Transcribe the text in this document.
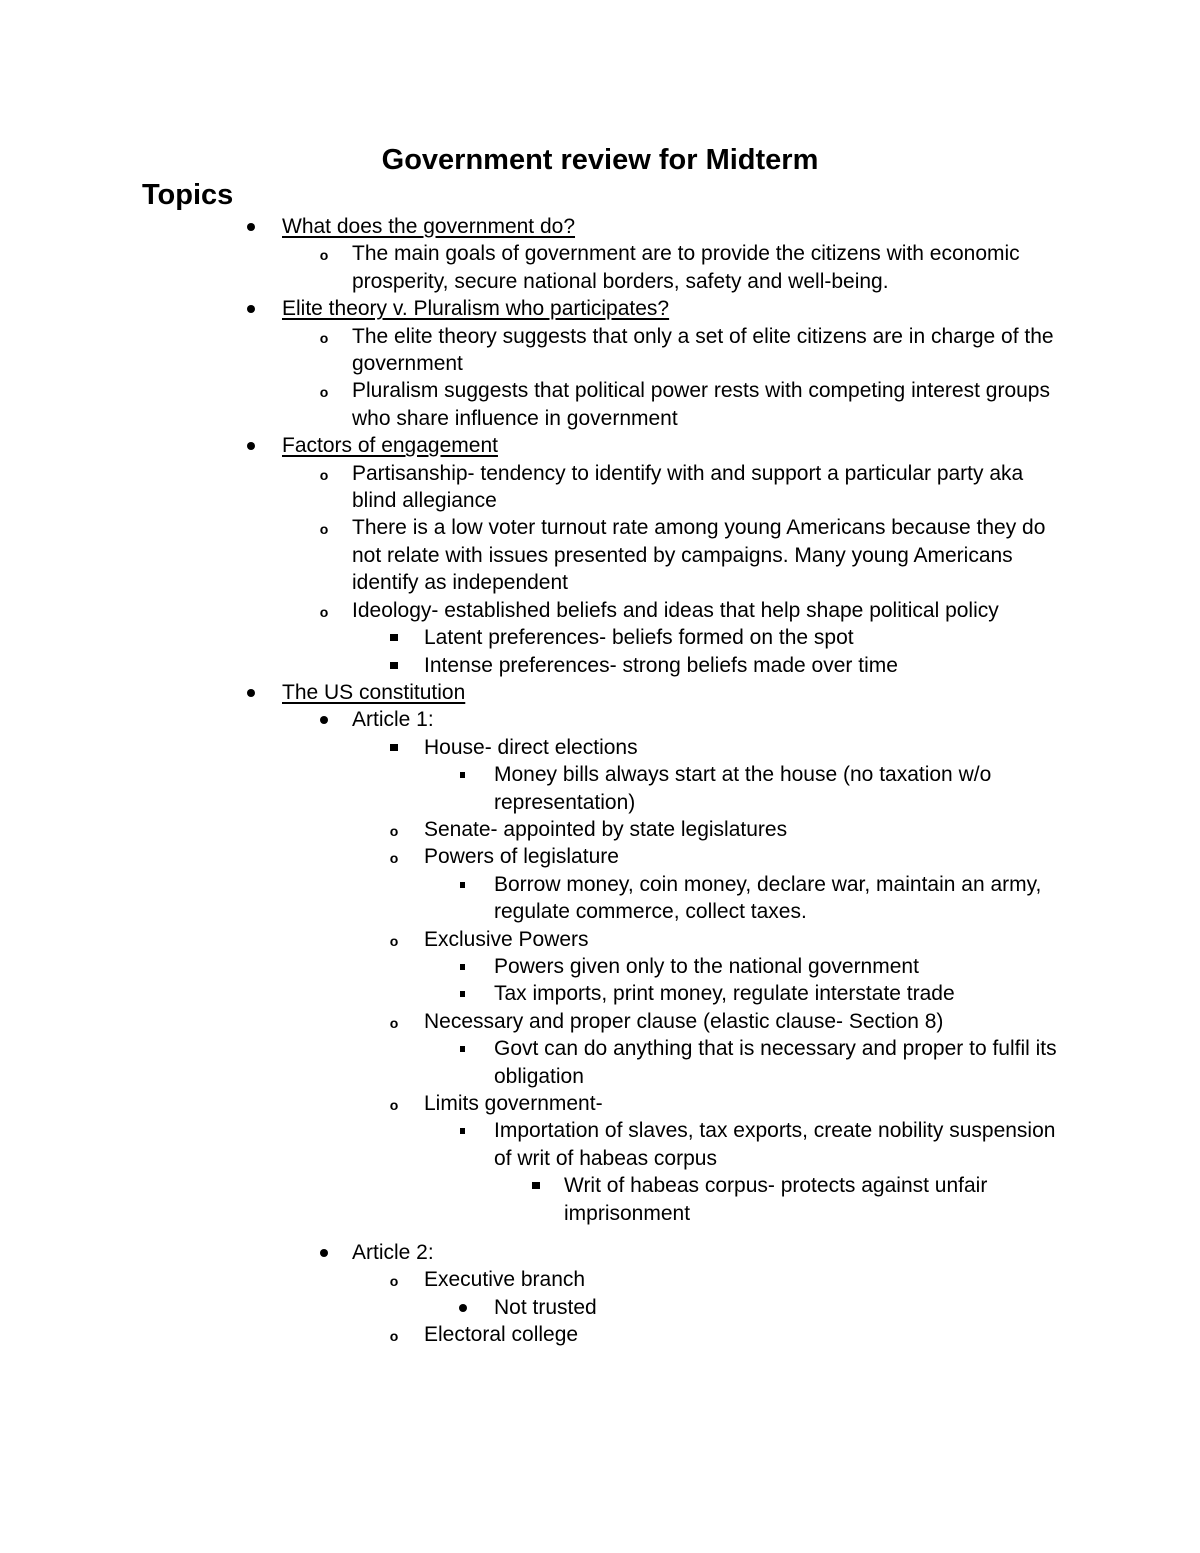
Government review for Midterm
Topics
What does the government do?
o	The main goals of government are to provide the citizens with economic prosperity, secure national borders, safety and well-being.
Elite theory v. Pluralism who participates?
o	The elite theory suggests that only a set of elite citizens are in charge of the government
o	Pluralism suggests that political power rests with competing interest groups who share influence in government
Factors of engagement
o	Partisanship- tendency to identify with and support a particular party aka blind allegiance
o	There is a low voter turnout rate among young Americans because they do not relate with issues presented by campaigns. Many young Americans identify as independent
o	Ideology- established beliefs and ideas that help shape political policy
Latent preferences- beliefs formed on the spot
Intense preferences- strong beliefs made over time
The US constitution
Article 1:
House- direct elections
Money bills always start at the house (no taxation w/o representation)
o	Senate- appointed by state legislatures
o	Powers of legislature
Borrow money, coin money, declare war, maintain an army, regulate commerce, collect taxes.
o	Exclusive Powers
Powers given only to the national government
Tax imports, print money, regulate interstate trade
o	Necessary and proper clause (elastic clause- Section 8)
Govt can do anything that is necessary and proper to fulfil its obligation
o	Limits government-
Importation of slaves, tax exports, create nobility suspension of writ of habeas corpus
Writ of habeas corpus- protects against unfair imprisonment
Article 2:
o	Executive branch
Not trusted
o	Electoral college
